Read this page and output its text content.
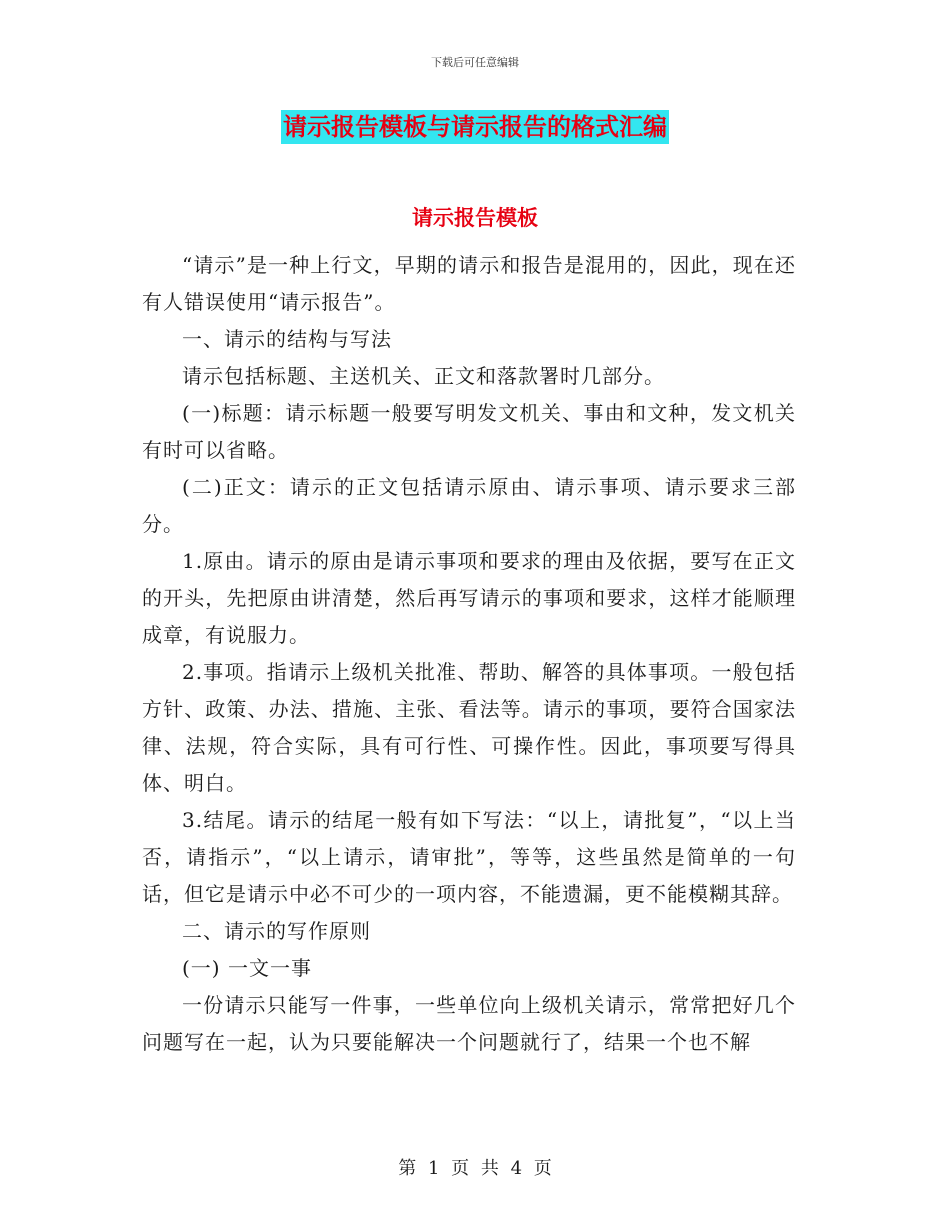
下载后可任意编辑
请示报告模板与请示报告的格式汇编
请示报告模板

“请示”是一种上行文，早期的请示和报告是混用的，因此，现在还有人错误使用“请示报告”。

一、请示的结构与写法

请示包括标题、主送机关、正文和落款署时几部分。

(一)标题：请示标题一般要写明发文机关、事由和文种，发文机关有时可以省略。

(二)正文：请示的正文包括请示原由、请示事项、请示要求三部分。

1.原由。请示的原由是请示事项和要求的理由及依据，要写在正文的开头，先把原由讲清楚，然后再写请示的事项和要求，这样才能顺理成章，有说服力。

2.事项。指请示上级机关批准、帮助、解答的具体事项。一般包括方针、政策、办法、措施、主张、看法等。请示的事项，要符合国家法律、法规，符合实际，具有可行性、可操作性。因此，事项要写得具体、明白。

3.结尾。请示的结尾一般有如下写法：“以上，请批复”，“以上当否，请指示”，“以上请示，请审批”，等等，这些虽然是简单的一句话，但它是请示中必不可少的一项内容，不能遗漏，更不能模糊其辞。

二、请示的写作原则

(一) 一文一事

一份请示只能写一件事，一些单位向上级机关请示，常常把好几个问题写在一起，认为只要能解决一个问题就行了，结果一个也不解

第 1 页 共 4 页
